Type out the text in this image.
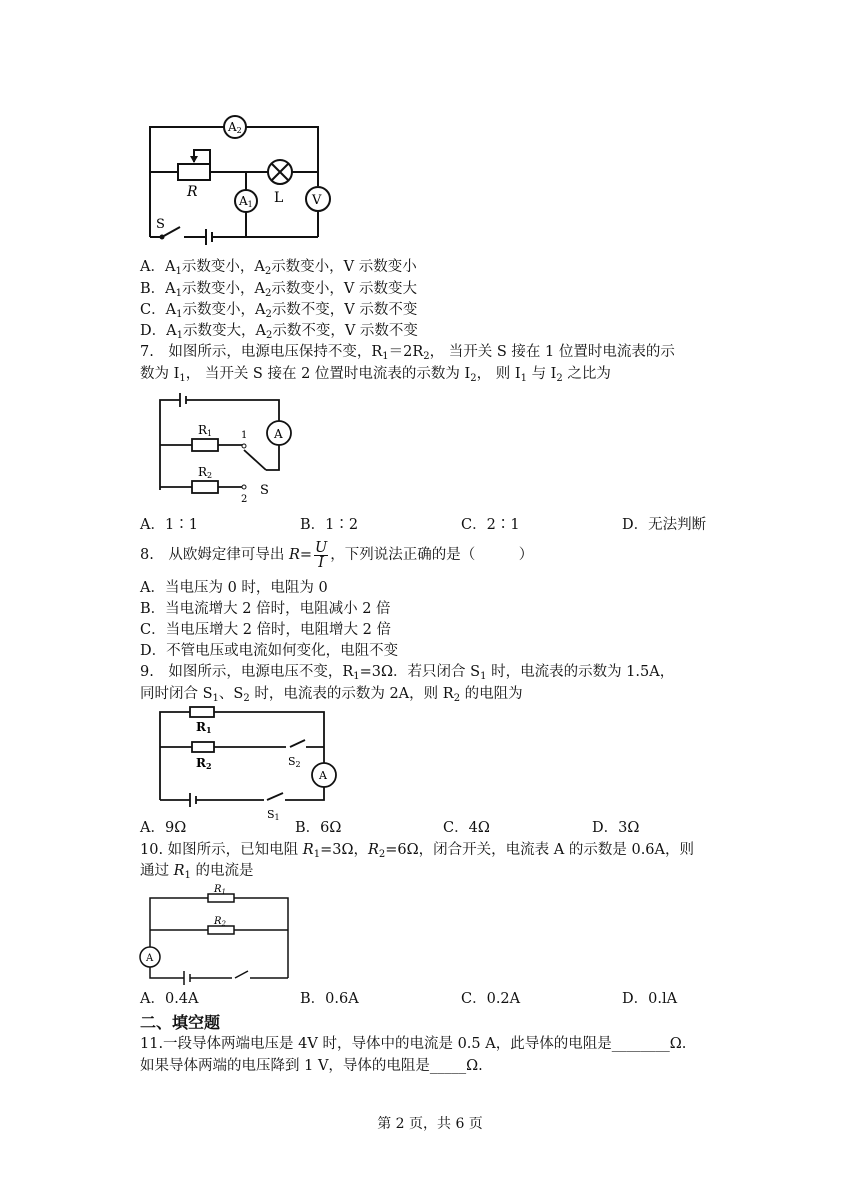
A2
R
A1 L V
S
A．$A_1$示数变小，$A_2$示数变小，V 示数变小
B．$A_1$示数变小，$A_2$示数变小，V 示数变大
C．$A_1$示数变小，$A_2$示数不变，V 示数不变
D．$A_1$示数变大，$A_2$示数不变，V 示数不变
7.　如图所示，电源电压保持不变，$R_1=2R_2$， 当开关 S 接在 1 位置时电流表的示
数为 $I_1$， 当开关 S 接在 2 位置时电流表的示数为 $I_2$， 则 $I_1$ 与 $I_2$ 之比为
R1
R2
A
1
2
S
A．1∶1	B．1∶2	C．2∶1	D．无法判断
8.　从欧姆定律可导出 $R= \frac{U}{I}$ ，下列说法正确的是（　　　）
A．当电压为 0 时，电阻为 0
B．当电流增大 2 倍时，电阻减小 2 倍
C．当电压增大 2 倍时，电阻增大 2 倍
D．不管电压或电流如何变化，电阻不变
9.　如图所示，电源电压不变，$R_1=3\Omega$．若只闭合 $S_1$ 时，电流表的示数为 1.5A，
同时闭合 $S_1$、$S_2$ 时，电流表的示数为 2A，则 $R_2$ 的电阻为
R1
R2	S2
S1
A
A．9Ω	B．6Ω	C．4Ω	D．3Ω
10. 如图所示，已知电阻 $R_1=3\Omega$，$R_2=6\Omega$，闭合开关，电流表 A 的示数是 0.6A，则
通过 $R_1$ 的电流是
$R_1$
$R_2$
A
A．0.4A	B．0.6A	C．0.2A	D．0.lA
二、填空题
11.一段导体两端电压是 4V 时，导体中的电流是 0.5 A，此导体的电阻是________Ω.
如果导体两端的电压降到 1 V，导体的电阻是_____Ω.
第 2 页，共 6 页
